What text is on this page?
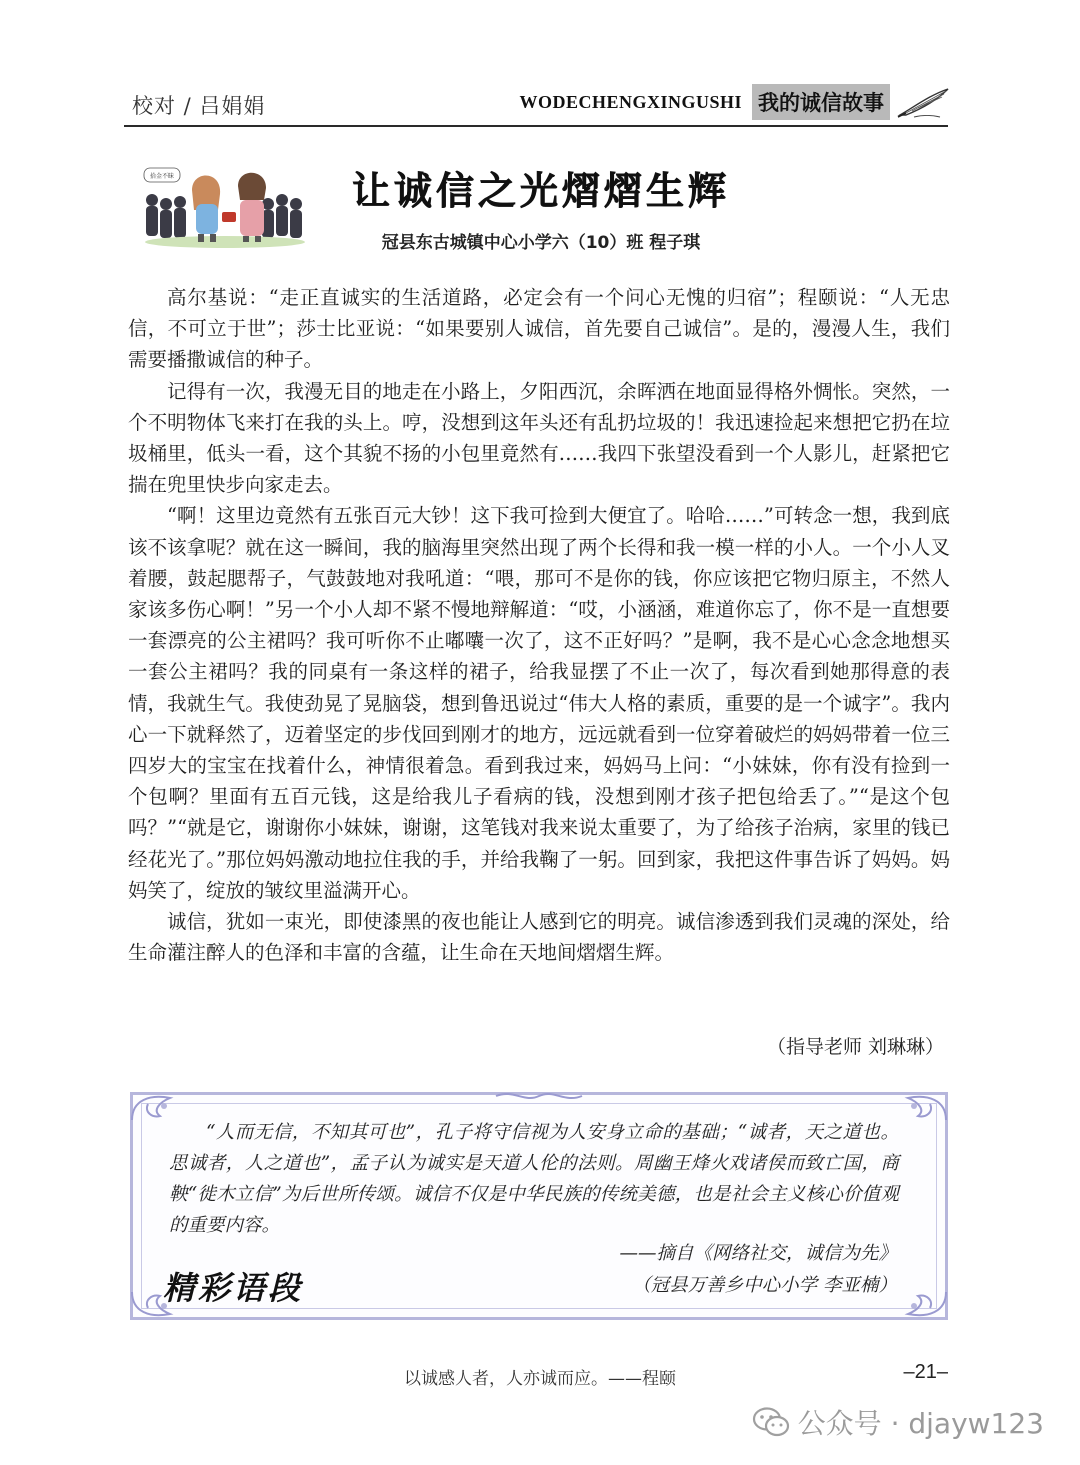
校对 / 吕娟娟	WODECHENGXINGUSHI 我的诚信故事
拾金不昧	让诚信之光熠熠生辉
冠县东古城镇中心小学六（10）班 程子琪

高尔基说：“走正直诚实的生活道路，必定会有一个问心无愧的归宿”；程颐说：“人无忠信，不可立于世”；莎士比亚说：“如果要别人诚信，首先要自己诚信”。是的，漫漫人生，我们需要播撒诚信的种子。

记得有一次，我漫无目的地走在小路上，夕阳西沉，余晖洒在地面显得格外惆怅。突然，一个不明物体飞来打在我的头上。哼，没想到这年头还有乱扔垃圾的！我迅速捡起来想把它扔在垃圾桶里，低头一看，这个其貌不扬的小包里竟然有……我四下张望没看到一个人影儿，赶紧把它揣在兜里快步向家走去。

“啊！这里边竟然有五张百元大钞！这下我可捡到大便宜了。哈哈……”可转念一想，我到底该不该拿呢？就在这一瞬间，我的脑海里突然出现了两个长得和我一模一样的小人。一个小人叉着腰，鼓起腮帮子，气鼓鼓地对我吼道：“喂，那可不是你的钱，你应该把它物归原主，不然人家该多伤心啊！”另一个小人却不紧不慢地辩解道：“哎，小涵涵，难道你忘了，你不是一直想要一套漂亮的公主裙吗？我可听你不止嘟囔一次了，这不正好吗？”是啊，我不是心心念念地想买一套公主裙吗？我的同桌有一条这样的裙子，给我显摆了不止一次了，每次看到她那得意的表情，我就生气。我使劲晃了晃脑袋，想到鲁迅说过“伟大人格的素质，重要的是一个诚字”。我内心一下就释然了，迈着坚定的步伐回到刚才的地方，远远就看到一位穿着破烂的妈妈带着一位三四岁大的宝宝在找着什么，神情很着急。看到我过来，妈妈马上问：“小妹妹，你有没有捡到一个包啊？里面有五百元钱，这是给我儿子看病的钱，没想到刚才孩子把包给丢了。”“是这个包吗？”“就是它，谢谢你小妹妹，谢谢，这笔钱对我来说太重要了，为了给孩子治病，家里的钱已经花光了。”那位妈妈激动地拉住我的手，并给我鞠了一躬。回到家，我把这件事告诉了妈妈。妈妈笑了，绽放的皱纹里溢满开心。

诚信，犹如一束光，即使漆黑的夜也能让人感到它的明亮。诚信渗透到我们灵魂的深处，给生命灌注醉人的色泽和丰富的含蕴，让生命在天地间熠熠生辉。

（指导老师 刘琳琳）
“人而无信，不知其可也”，孔子将守信视为人安身立命的基础；“诚者，天之道也。思诚者，人之道也”，孟子认为诚实是天道人伦的法则。周幽王烽火戏诸侯而致亡国，商鞅“徙木立信”为后世所传颂。诚信不仅是中华民族的传统美德，也是社会主义核心价值观的重要内容。
——摘自《网络社交，诚信为先》
（冠县万善乡中心小学 李亚楠）
精彩语段
以诚感人者，人亦诚而应。——程颐	–21–
公众号 · djayw123
